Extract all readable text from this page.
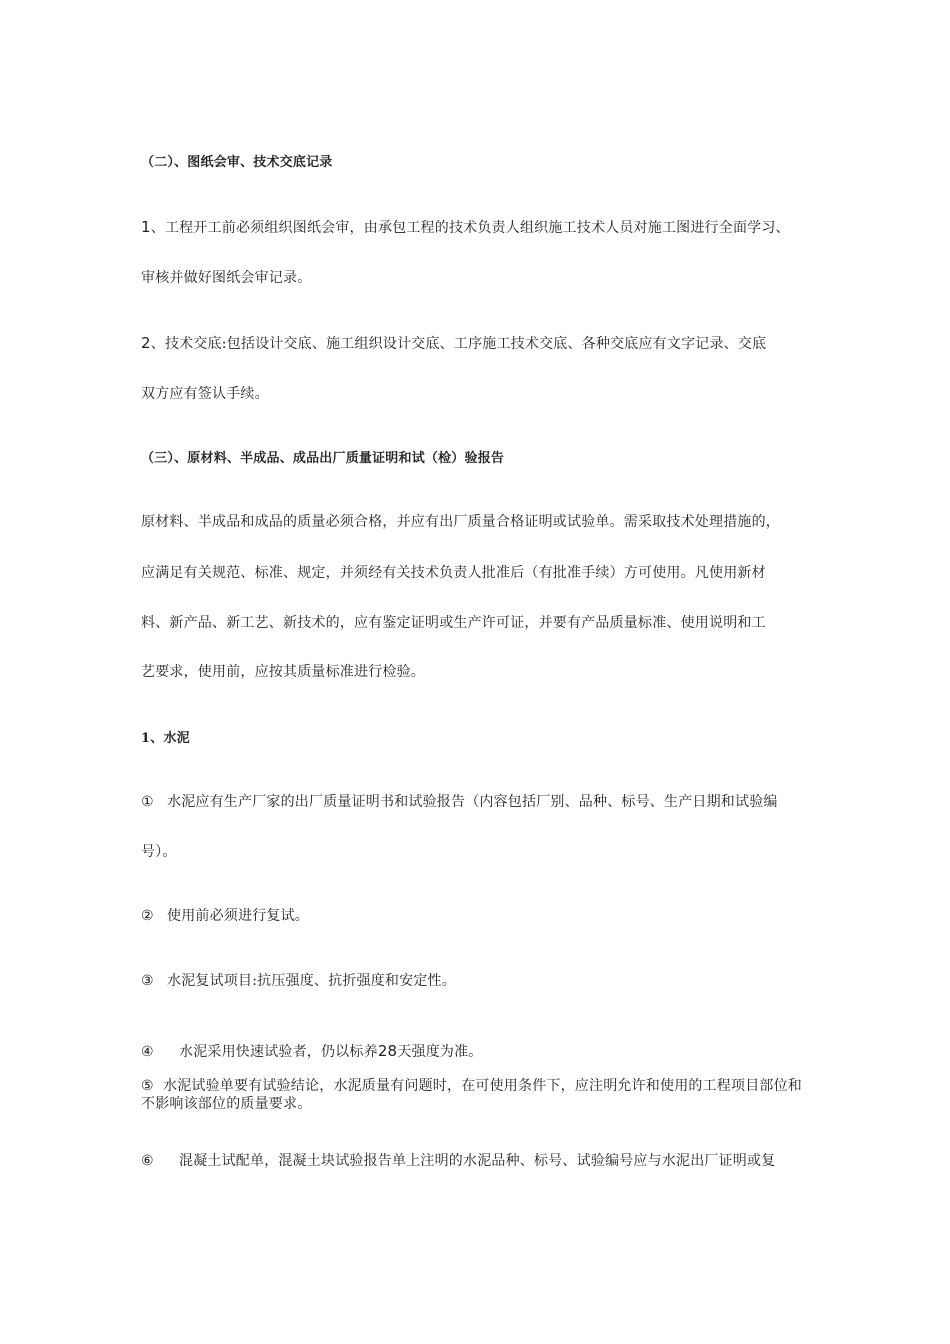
（二）、图纸会审、技术交底记录
1、工程开工前必须组织图纸会审，由承包工程的技术负责人组织施工技术人员对施工图进行全面学习、
审核并做好图纸会审记录。
2、技术交底:包括设计交底、施工组织设计交底、工序施工技术交底、各种交底应有文字记录、交底
双方应有签认手续。
（三）、原材料、半成品、成品出厂质量证明和试（检）验报告
原材料、半成品和成品的质量必须合格，并应有出厂质量合格证明或试验单。需采取技术处理措施的，
应满足有关规范、标准、规定，并须经有关技术负责人批准后（有批准手续）方可使用。凡使用新材
料、新产品、新工艺、新技术的，应有鉴定证明或生产许可证，并要有产品质量标准、使用说明和工
艺要求，使用前，应按其质量标准进行检验。
1、水泥
① 水泥应有生产厂家的出厂质量证明书和试验报告（内容包括厂别、品种、标号、生产日期和试验编
号）。
② 使用前必须进行复试。
③ 水泥复试项目:抗压强度、抗折强度和安定性。
④ 水泥采用快速试验者，仍以标养28天强度为准。
⑤ 水泥试验单要有试验结论，水泥质量有问题时，在可使用条件下，应注明允许和使用的工程项目部位和不影响该部位的质量要求。
⑥ 混凝土试配单，混凝土块试验报告单上注明的水泥品种、标号、试验编号应与水泥出厂证明或复
